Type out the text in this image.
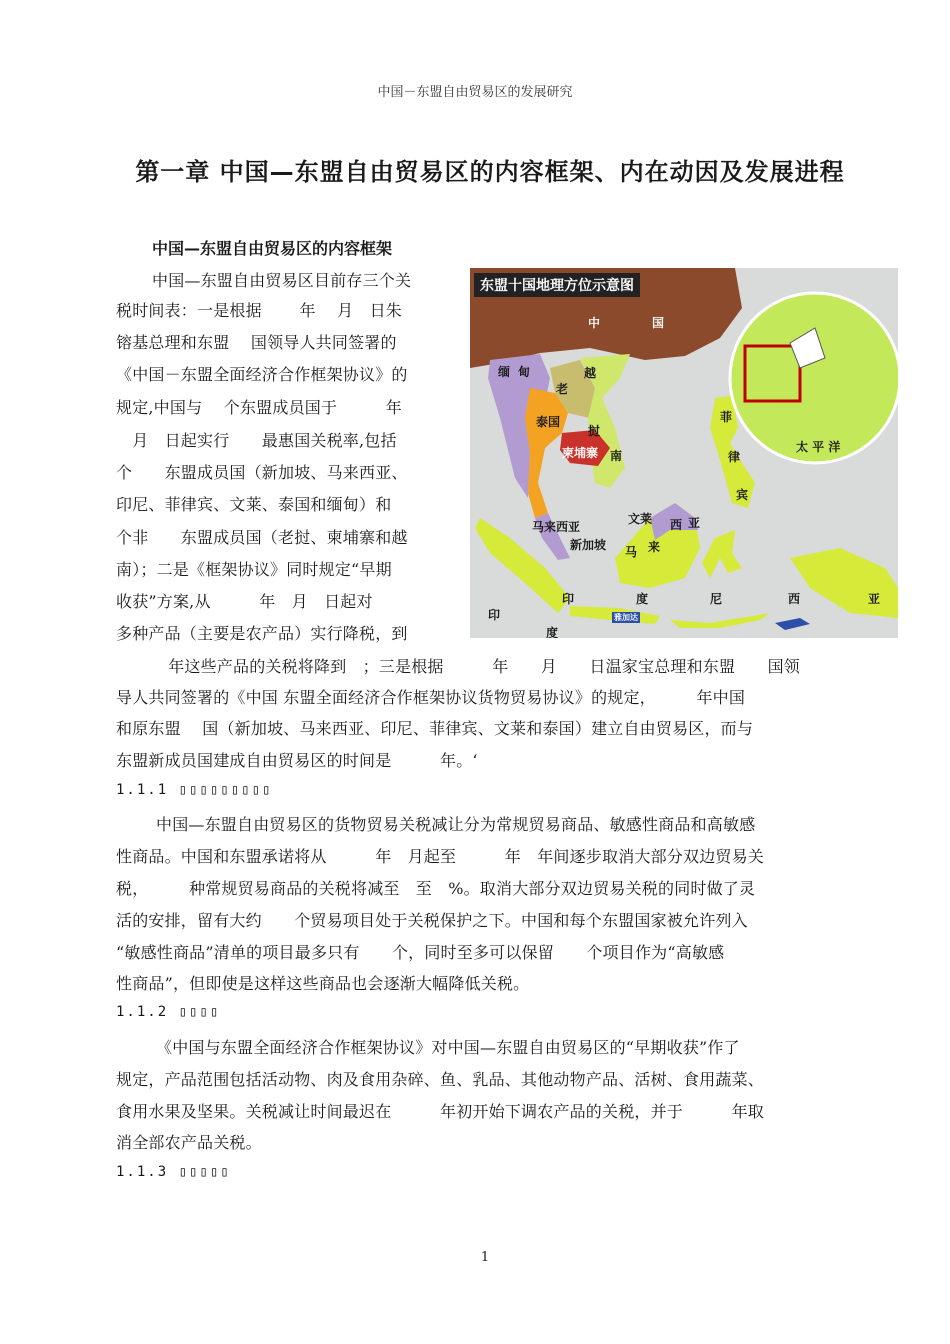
中国－东盟自由贸易区的发展研究
第一章 中国—东盟自由贸易区的内容框架、内在动因及发展进程
中国—东盟自由贸易区的内容框架
中国—东盟自由贸易区目前存三个关
税时间表：一是根据　　 年　 月　日朱
镕基总理和东盟　 国领导人共同签署的
《中国－东盟全面经济合作框架协议》的
规定,中国与　 个东盟成员国于　　　年
　月　日起实行　　最惠国关税率,包括
个　　东盟成员国（新加坡、马来西亚、
印尼、菲律宾、文莱、泰国和缅甸）和
个非　　东盟成员国（老挝、柬埔寨和越
南）；二是《框架协议》同时规定“早期
收获”方案,从　　　年　月　日起对
多种产品（主要是农产品）实行降税，到
　年这些产品的关税将降到　；三是根据　　　年　　月　　日温家宝总理和东盟　　国领
导人共同签署的《中国 东盟全面经济合作框架协议货物贸易协议》的规定，　　　年中国
和原东盟　 国（新加坡、马来西亚、印尼、菲律宾、文莱和泰国）建立自由贸易区，而与
东盟新成员国建成自由贸易区的时间是　　　年。‘
1.1.1 ▯▯▯▯▯▯▯▯▯
中国—东盟自由贸易区的货物贸易关税减让分为常规贸易商品、敏感性商品和高敏感
性商品。中国和东盟承诺将从　　　年　月起至　　　年　年间逐步取消大部分双边贸易关
税，　　　种常规贸易商品的关税将减至　至　%。取消大部分双边贸易关税的同时做了灵
活的安排，留有大约　　个贸易项目处于关税保护之下。中国和每个东盟国家被允许列入
“敏感性商品”清单的项目最多只有　　个，同时至多可以保留　　个项目作为“高敏感
性商品”，但即使是这样这些商品也会逐渐大幅降低关税。
1.1.2 ▯▯▯▯
《中国与东盟全面经济合作框架协议》对中国—东盟自由贸易区的“早期收获”作了
规定，产品范围包括活动物、肉及食用杂碎、鱼、乳品、其他动物产品、活树、食用蔬菜、
食用水果及坚果。关税减让时间最迟在　　　年初开始下调农产品的关税，并于　　　年取
消全部农产品关税。
1.1.3 ▯▯▯▯▯
东盟十国地理方位示意图
中	国
缅 甸
老
越
泰国
挝
柬埔寨 南
菲
律
宾
太 平 洋
马来西亚
文莱 西 亚
新加坡 马 来
印	度	尼	西	亚
印
度
雅加达
1
